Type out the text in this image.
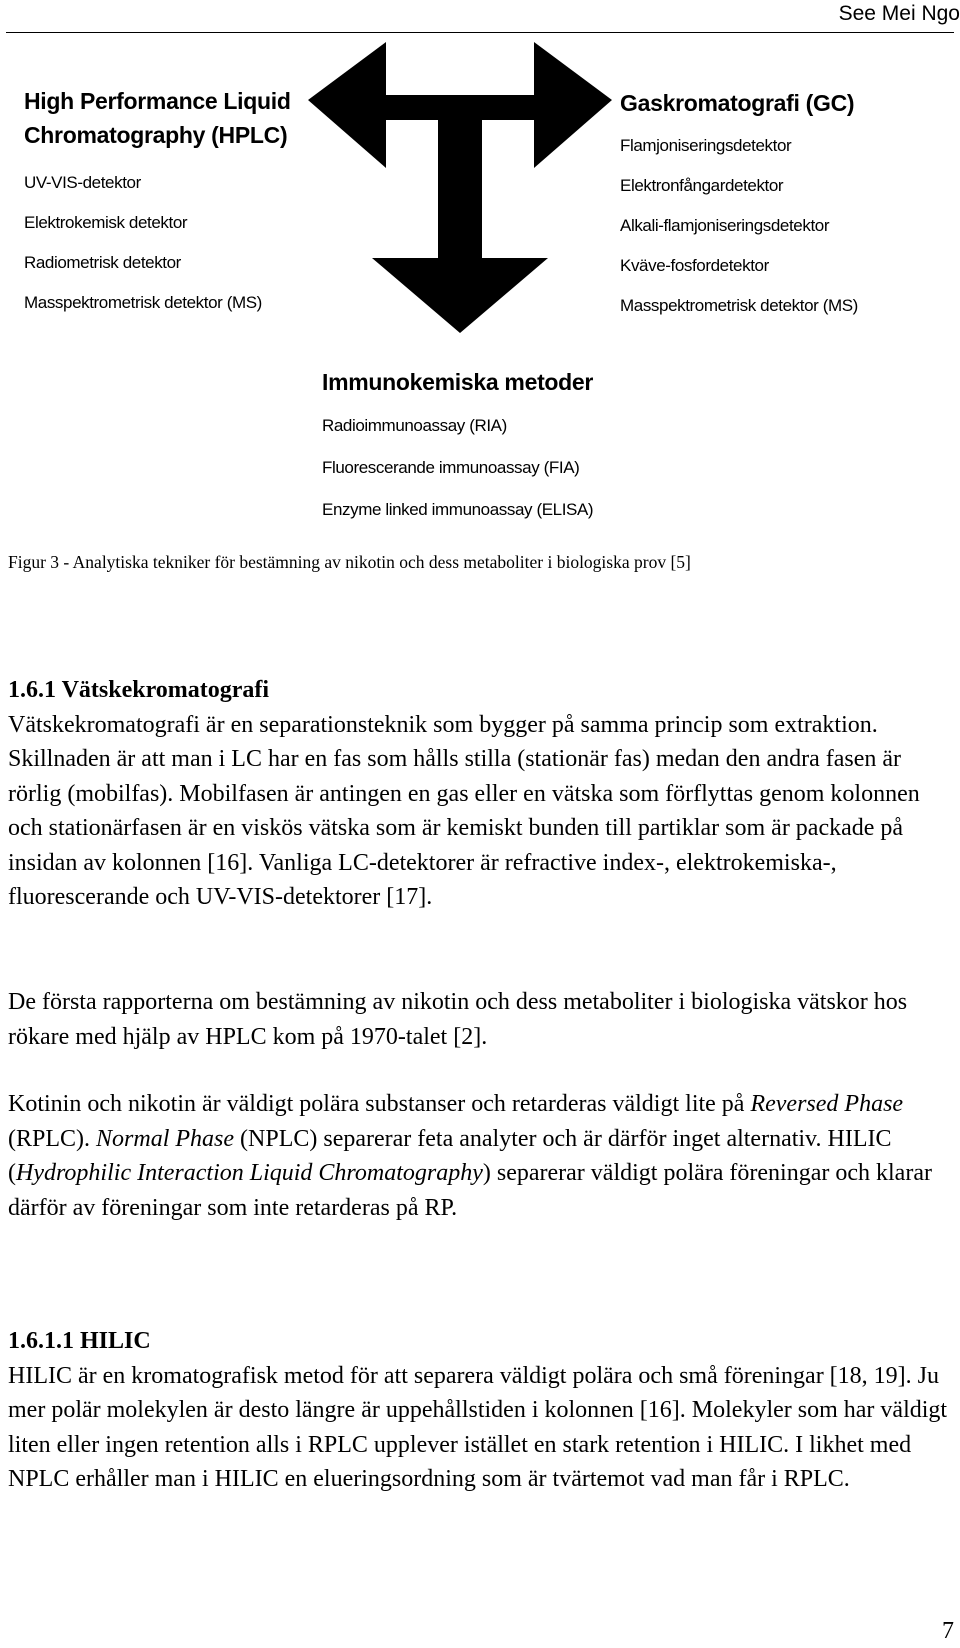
See Mei Ngo
High Performance Liquid
Chromatography (HPLC)
UV-VIS-detektor
Elektrokemisk detektor
Radiometrisk detektor
Masspektrometrisk detektor (MS)
Gaskromatografi (GC)
Flamjoniseringsdetektor
Elektronfångardetektor
Alkali-flamjoniseringsdetektor
Kväve-fosfordetektor
Masspektrometrisk detektor (MS)
Immunokemiska metoder
Radioimmunoassay (RIA)
Fluorescerande immunoassay (FIA)
Enzyme linked immunoassay (ELISA)
Figur 3 - Analytiska tekniker för bestämning av nikotin och dess metaboliter i biologiska prov [5]
1.6.1 Vätskekromatografi

Vätskekromatografi är en separationsteknik som bygger på samma princip som extraktion. Skillnaden är att man i LC har en fas som hålls stilla (stationär fas) medan den andra fasen är rörlig (mobilfas). Mobilfasen är antingen en gas eller en vätska som förflyttas genom kolonnen och stationärfasen är en viskös vätska som är kemiskt bunden till partiklar som är packade på insidan av kolonnen [16]. Vanliga LC-detektorer är refractive index-, elektrokemiska-, fluorescerande och UV-VIS-detektorer [17].

De första rapporterna om bestämning av nikotin och dess metaboliter i biologiska vätskor hos rökare med hjälp av HPLC kom på 1970-talet [2].

Kotinin och nikotin är väldigt polära substanser och retarderas väldigt lite på Reversed Phase (RPLC). Normal Phase (NPLC) separerar feta analyter och är därför inget alternativ. HILIC (Hydrophilic Interaction Liquid Chromatography) separerar väldigt polära föreningar och klarar därför av föreningar som inte retarderas på RP.

1.6.1.1 HILIC

HILIC är en kromatografisk metod för att separera väldigt polära och små föreningar [18, 19]. Ju mer polär molekylen är desto längre är uppehållstiden i kolonnen [16]. Molekyler som har väldigt liten eller ingen retention alls i RPLC upplever istället en stark retention i HILIC. I likhet med NPLC erhåller man i HILIC en elueringsordning som är tvärtemot vad man får i RPLC.

7
